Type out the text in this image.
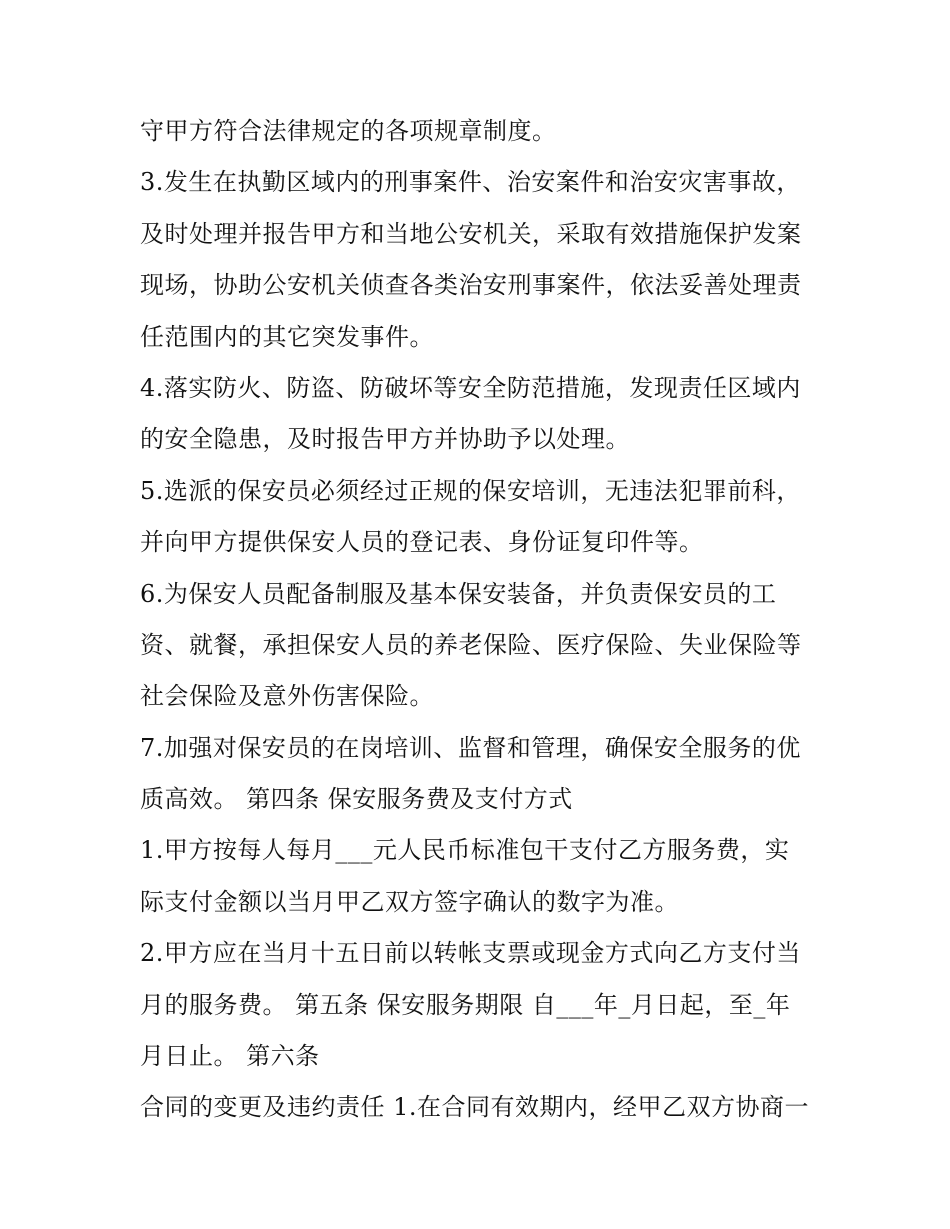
守甲方符合法律规定的各项规章制度。
3.发生在执勤区域内的刑事案件、治安案件和治安灾害事故，
及时处理并报告甲方和当地公安机关，采取有效措施保护发案
现场，协助公安机关侦查各类治安刑事案件，依法妥善处理责
任范围内的其它突发事件。
4.落实防火、防盗、防破坏等安全防范措施，发现责任区域内
的安全隐患，及时报告甲方并协助予以处理。
5.选派的保安员必须经过正规的保安培训，无违法犯罪前科，
并向甲方提供保安人员的登记表、身份证复印件等。
6.为保安人员配备制服及基本保安装备，并负责保安员的工
资、就餐，承担保安人员的养老保险、医疗保险、失业保险等
社会保险及意外伤害保险。
7.加强对保安员的在岗培训、监督和管理，确保安全服务的优
质高效。 第四条 保安服务费及支付方式
1.甲方按每人每月___元人民币标准包干支付乙方服务费，实
际支付金额以当月甲乙双方签字确认的数字为准。
2.甲方应在当月十五日前以转帐支票或现金方式向乙方支付当
月的服务费。 第五条 保安服务期限 自___年_月日起，至_年
月日止。 第六条
合同的变更及违约责任 1.在合同有效期内，经甲乙双方协商一
